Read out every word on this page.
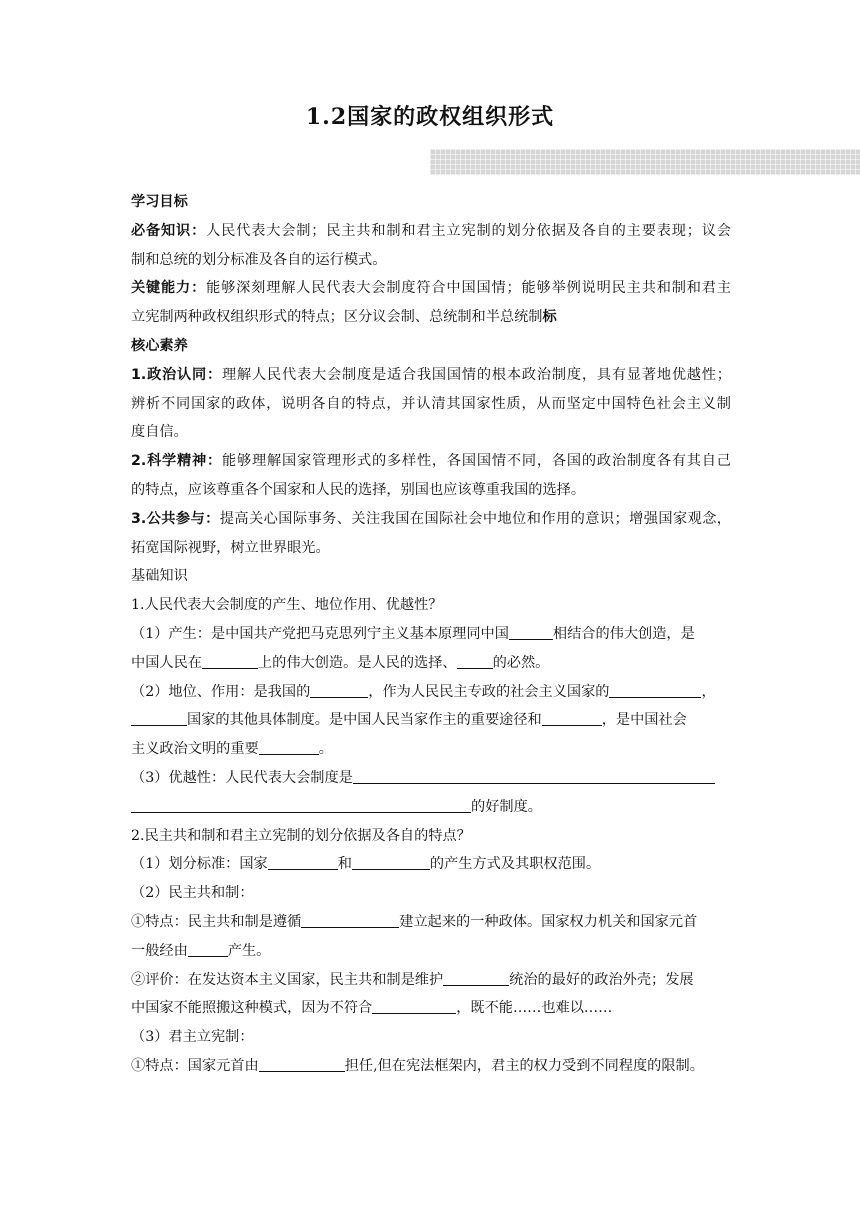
1.2国家的政权组织形式
学习目标
必备知识：人民代表大会制；民主共和制和君主立宪制的划分依据及各自的主要表现；议会
制和总统的划分标准及各自的运行模式。
关键能力：能够深刻理解人民代表大会制度符合中国国情；能够举例说明民主共和制和君主
立宪制两种政权组织形式的特点；区分议会制、总统制和半总统制标
核心素养
1.政治认同：理解人民代表大会制度是适合我国国情的根本政治制度，具有显著地优越性；
辨析不同国家的政体，说明各自的特点，并认清其国家性质，从而坚定中国特色社会主义制
度自信。
2.科学精神：能够理解国家管理形式的多样性，各国国情不同，各国的政治制度各有其自己
的特点，应该尊重各个国家和人民的选择，别国也应该尊重我国的选择。
3.公共参与：提高关心国际事务、关注我国在国际社会中地位和作用的意识；增强国家观念，
拓宽国际视野，树立世界眼光。
基础知识
1.人民代表大会制度的产生、地位作用、优越性？
（1）产生：是中国共产党把马克思列宁主义基本原理同中国	相结合的伟大创造，是
中国人民在	上的伟大创造。是人民的选择、	的必然。
（2）地位、作用：是我国的	，作为人民民主专政的社会主义国家的	，
国家的其他具体制度。是中国人民当家作主的重要途径和	，是中国社会
主义政治文明的重要	。
（3）优越性：人民代表大会制度是
的好制度。
2.民主共和制和君主立宪制的划分依据及各自的特点？
（1）划分标准：国家	和	的产生方式及其职权范围。
（2）民主共和制：
①特点：民主共和制是遵循	建立起来的一种政体。国家权力机关和国家元首
一般经由	产生。
②评价：在发达资本主义国家，民主共和制是维护	统治的最好的政治外壳；发展
中国家不能照搬这种模式，因为不符合	，既不能……也难以……
（3）君主立宪制：
①特点：国家元首由	担任,但在宪法框架内，君主的权力受到不同程度的限制。
